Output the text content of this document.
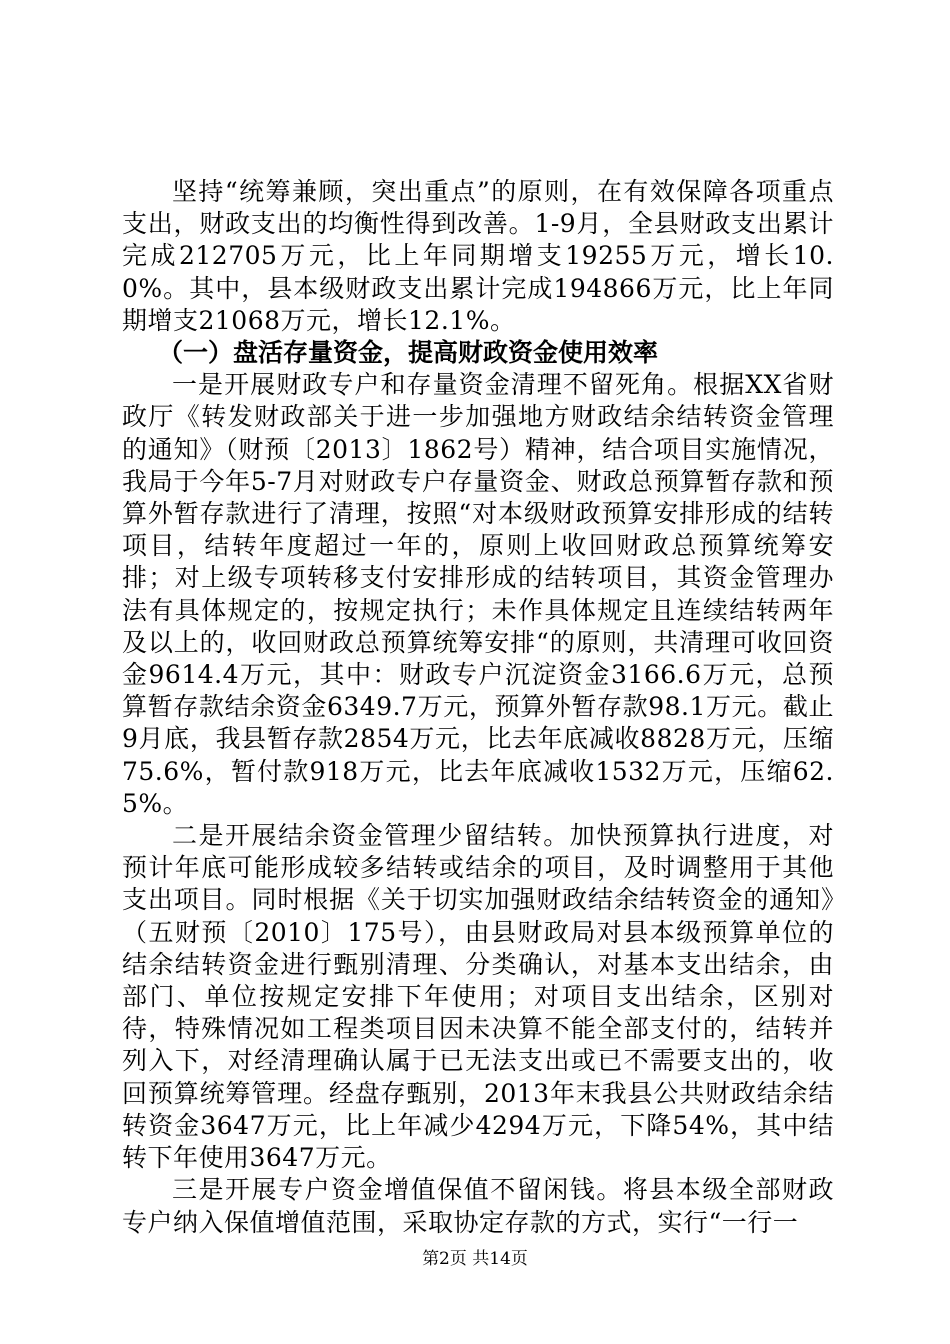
坚持“统筹兼顾，突出重点”的原则，在有效保障各项重点支出，财政支出的均衡性得到改善。1-9月，全县财政支出累计完成212705万元，比上年同期增支19255万元，增长10.0%。其中，县本级财政支出累计完成194866万元，比上年同期增支21068万元，增长12.1%。

（一）盘活存量资金，提高财政资金使用效率

一是开展财政专户和存量资金清理不留死角。根据XX省财政厅《转发财政部关于进一步加强地方财政结余结转资金管理的通知》（财预〔2013〕1862号）精神，结合项目实施情况，我局于今年5-7月对财政专户存量资金、财政总预算暂存款和预算外暂存款进行了清理，按照“对本级财政预算安排形成的结转项目，结转年度超过一年的，原则上收回财政总预算统筹安排；对上级专项转移支付安排形成的结转项目，其资金管理办法有具体规定的，按规定执行；未作具体规定且连续结转两年及以上的，收回财政总预算统筹安排“的原则，共清理可收回资金9614.4万元，其中：财政专户沉淀资金3166.6万元，总预算暂存款结余资金6349.7万元，预算外暂存款98.1万元。截止9月底，我县暂存款2854万元，比去年底减收8828万元，压缩75.6%，暂付款918万元，比去年底减收1532万元，压缩62.5%。

二是开展结余资金管理少留结转。加快预算执行进度，对预计年底可能形成较多结转或结余的项目，及时调整用于其他支出项目。同时根据《关于切实加强财政结余结转资金的通知》（五财预〔2010〕175号），由县财政局对县本级预算单位的结余结转资金进行甄别清理、分类确认，对基本支出结余，由部门、单位按规定安排下年使用；对项目支出结余，区别对待，特殊情况如工程类项目因未决算不能全部支付的，结转并列入下，对经清理确认属于已无法支出或已不需要支出的，收回预算统筹管理。经盘存甄别，2013年末我县公共财政结余结转资金3647万元，比上年减少4294万元，下降54%，其中结转下年使用3647万元。

三是开展专户资金增值保值不留闲钱。将县本级全部财政专户纳入保值增值范围，采取协定存款的方式，实行“一行一

第2页 共14页
